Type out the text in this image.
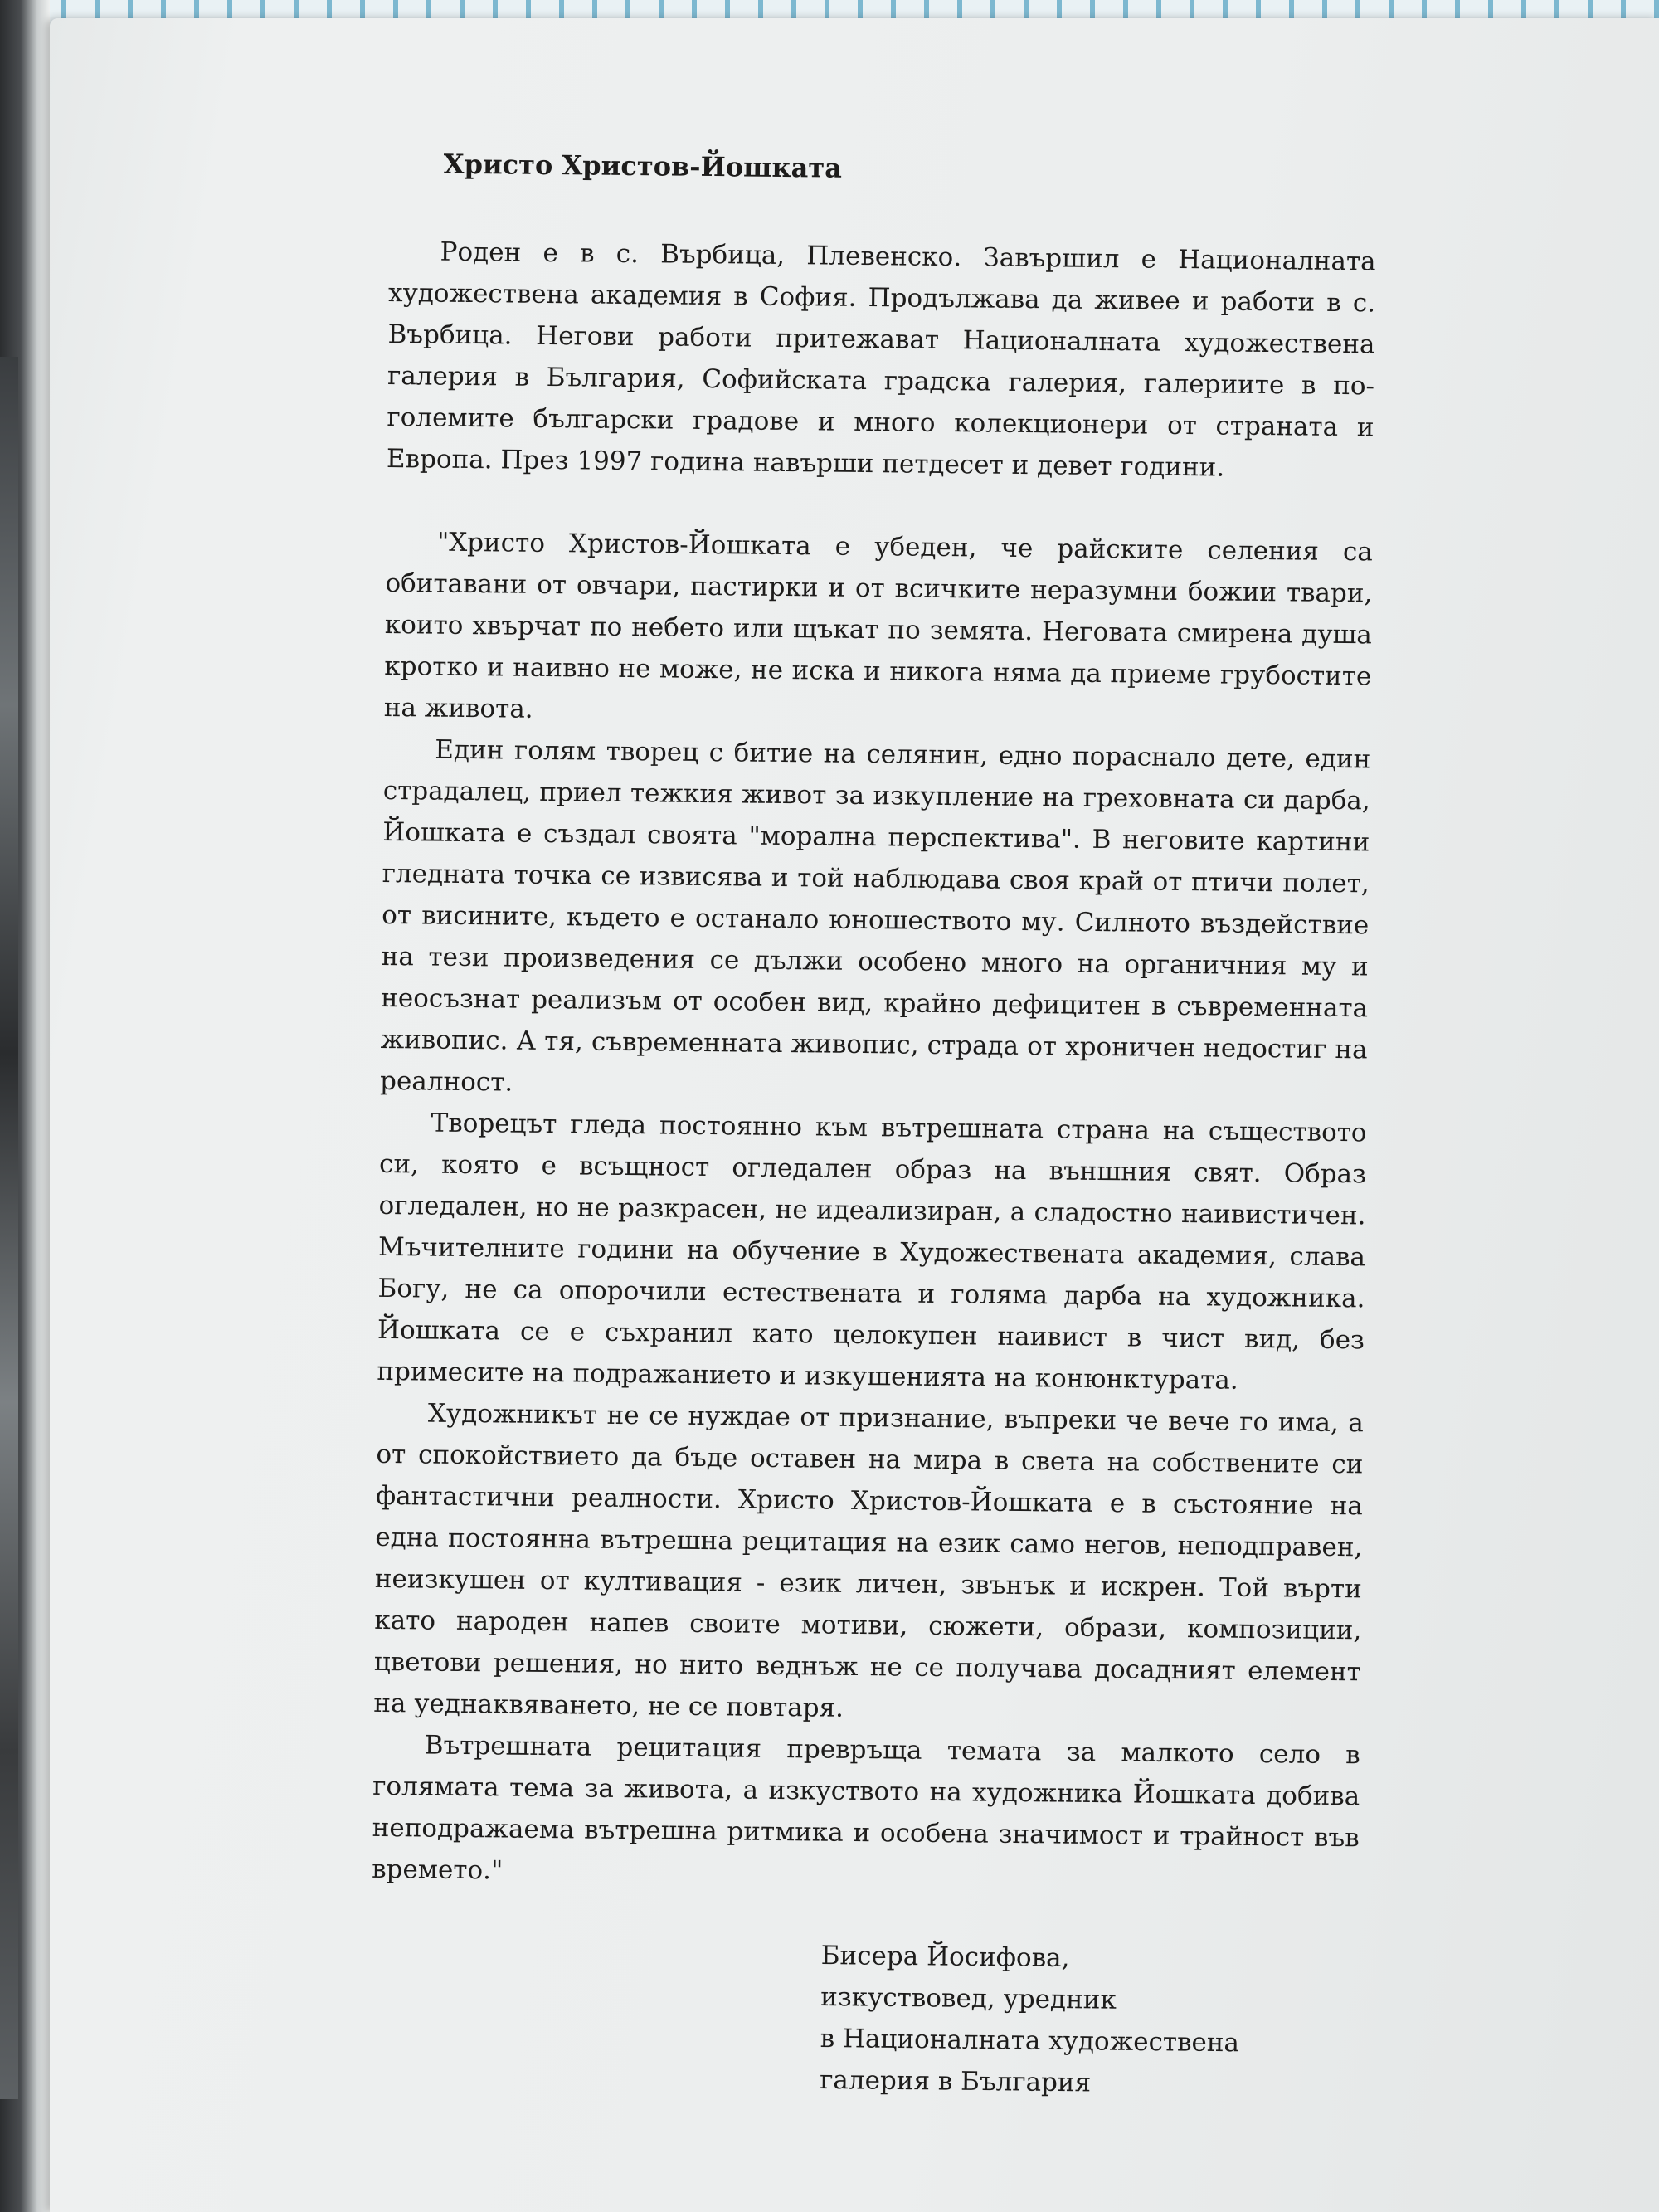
Христо Христов-Йошката

Роден е в с. Върбица, Плевенско. Завършил е Националната художествена академия в София. Продължава да живее и работи в с. Върбица. Негови работи притежават Националната художествена галерия в България, Софийската градска галерия, галериите в по-големите български градове и много колекционери от страната и Европа. През 1997 година навърши петдесет и девет години.

"Христо Христов-Йошката е убеден, че райските селения са обитавани от овчари, пастирки и от всичките неразумни божии твари, които хвърчат по небето или щъкат по земята. Неговата смирена душа кротко и наивно не може, не иска и никога няма да приеме грубостите на живота.

Един голям творец с битие на селянин, едно пораснало дете, един страдалец, приел тежкия живот за изкупление на греховната си дарба, Йошката е създал своята "морална перспектива". В неговите картини гледната точка се извисява и той наблюдава своя край от птичи полет, от висините, където е останало юношеството му. Силното въздействие на тези произведения се дължи особено много на органичния му и неосъзнат реализъм от особен вид, крайно дефицитен в съвременната живопис. А тя, съвременната живопис, страда от хроничен недостиг на реалност.

Творецът гледа постоянно към вътрешната страна на съществото си, която е всъщност огледален образ на външния свят. Образ огледален, но не разкрасен, не идеализиран, а сладостно наивистичен. Мъчителните години на обучение в Художествената академия, слава Богу, не са опорочили естествената и голяма дарба на художника. Йошката се е съхранил като целокупен наивист в чист вид, без примесите на подражанието и изкушенията на конюнктурата.

Художникът не се нуждае от признание, въпреки че вече го има, а от спокойствието да бъде оставен на мира в света на собствените си фантастични реалности. Христо Христов-Йошката е в състояние на една постоянна вътрешна рецитация на език само негов, неподправен, неизкушен от култивация - език личен, звънък и искрен. Той върти като народен напев своите мотиви, сюжети, образи, композиции, цветови решения, но нито веднъж не се получава досадният елемент на уеднаквяването, не се повтаря.

Вътрешната рецитация превръща темата за малкото село в голямата тема за живота, а изкуството на художника Йошката добива неподражаема вътрешна ритмика и особена значимост и трайност във времето."

Бисера Йосифова,
изкуствовед, уредник
в Националната художествена
галерия в България
